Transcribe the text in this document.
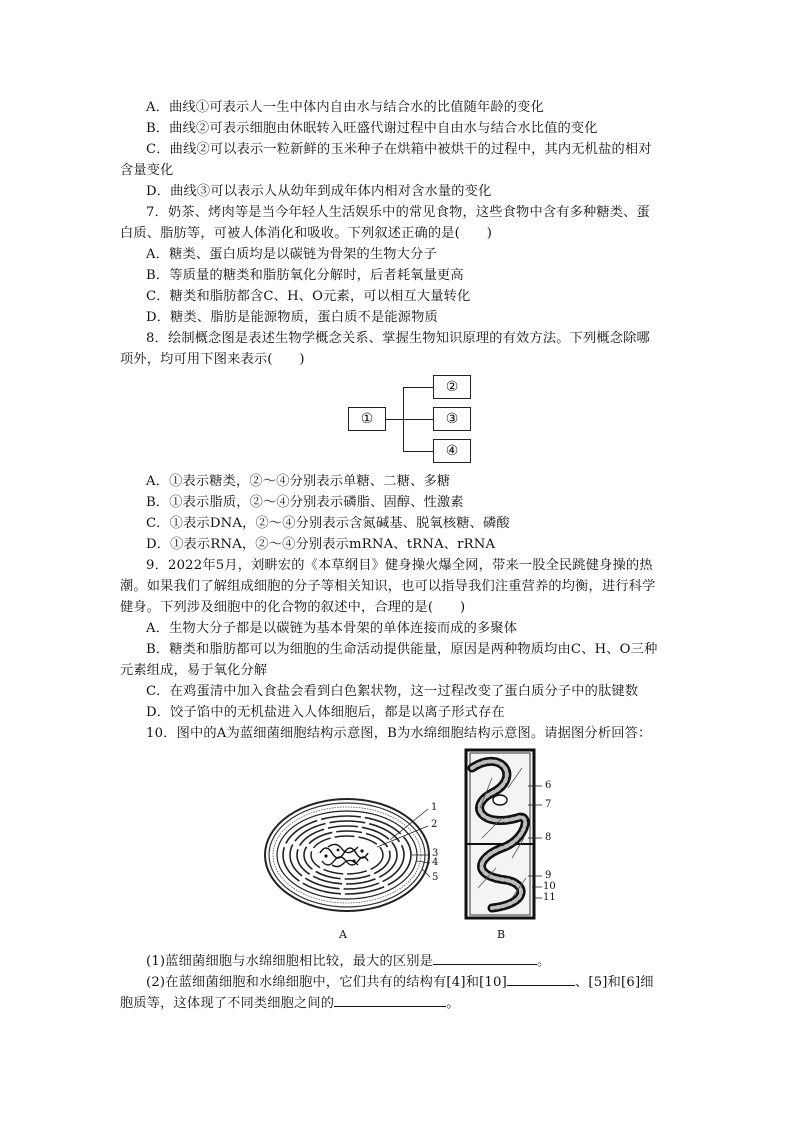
A．曲线①可表示人一生中体内自由水与结合水的比值随年龄的变化
B．曲线②可表示细胞由休眠转入旺盛代谢过程中自由水与结合水比值的变化
C．曲线②可以表示一粒新鲜的玉米种子在烘箱中被烘干的过程中，其内无机盐的相对
含量变化
D．曲线③可以表示人从幼年到成年体内相对含水量的变化
7．奶茶、烤肉等是当今年轻人生活娱乐中的常见食物，这些食物中含有多种糖类、蛋
白质、脂肪等，可被人体消化和吸收。下列叙述正确的是(　　)
A．糖类、蛋白质均是以碳链为骨架的生物大分子
B．等质量的糖类和脂肪氧化分解时，后者耗氧量更高
C．糖类和脂肪都含C、H、O元素，可以相互大量转化
D．糖类、脂肪是能源物质，蛋白质不是能源物质
8．绘制概念图是表述生物学概念关系、掌握生物知识原理的有效方法。下列概念除哪
项外，均可用下图来表示(　　)
①
②
③
④
A．①表示糖类，②～④分别表示单糖、二糖、多糖
B．①表示脂质，②～④分别表示磷脂、固醇、性激素
C．①表示DNA，②～④分别表示含氮碱基、脱氧核糖、磷酸
D．①表示RNA，②～④分别表示mRNA、tRNA、rRNA
9．2022年5月，刘畊宏的《本草纲目》健身操火爆全网，带来一股全民跳健身操的热
潮。如果我们了解组成细胞的分子等相关知识，也可以指导我们注重营养的均衡，进行科学
健身。下列涉及细胞中的化合物的叙述中，合理的是(　　)
A．生物大分子都是以碳链为基本骨架的单体连接而成的多聚体
B．糖类和脂肪都可以为细胞的生命活动提供能量，原因是两种物质均由C、H、O三种
元素组成，易于氧化分解
C．在鸡蛋清中加入食盐会看到白色絮状物，这一过程改变了蛋白质分子中的肽键数
D．饺子馅中的无机盐进入人体细胞后，都是以离子形式存在
10．图中的A为蓝细菌细胞结构示意图，B为水绵细胞结构示意图。请据图分析回答：
1
2
3
4
5
A
6
7
8
9
10
11
B
(1)蓝细菌细胞与水绵细胞相比较，最大的区别是	。
(2)在蓝细菌细胞和水绵细胞中，它们共有的结构有[4]和[10]	、[5]和[6]细
胞质等，这体现了不同类细胞之间的	。
